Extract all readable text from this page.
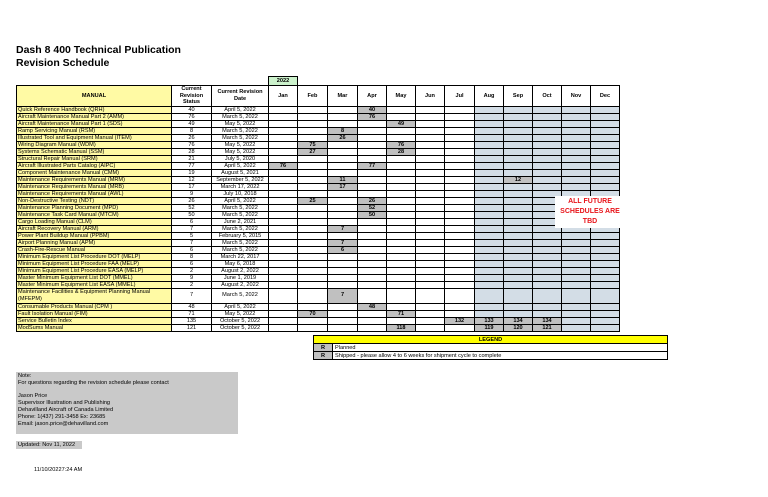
Dash 8 400 Technical Publication
Revision Schedule
			2022											
MANUAL	Current Revision Status	Current Revision Date	Jan	Feb	Mar	Apr	May	Jun	Jul	Aug	Sep	Oct	Nov	Dec
Quick Reference Handbook (QRH)	40	April 5, 2022				40								
Aircraft Maintenance Manual Part 2 (AMM)	76	March 5, 2022				76								
Aircraft Maintenance Manual Part 1 (SDS)	49	May 5, 2022					49							
Ramp Servicing Manual (RSM)	8	March 5, 2022			8									
Illustrated Tool and Equipment Manual (ITEM)	26	March 5, 2022			26									
Wiring Diagram Manual (WDM)	76	May 5, 2022		75			76							
Systems Schematic Manual (SSM)	28	May 5, 2022		27			28							
Structural Repair Manual (SRM)	21	July 5, 2020												
Aircraft Illustrated Parts Catalog (AIPC)	77	April 5, 2022	76			77								
Component Maintenance Manual (CMM)	19	August 5, 2021												
Maintenance Requirements Manual (MRM)	12	September 5, 2022			11						12			
Maintenance Requirements Manual (MRB)	17	March 17, 2022			17									
Maintenance Requirements Manual (AWL)	9	July 10, 2018												
Non-Destructive Testing (NDT)	26	April 5, 2022		25		26								
Maintenance Planning Document (MPD)	52	March 5, 2022				52								
Maintenance Task Card Manual (MTCM)	50	March 5, 2022				50								
Cargo Loading Manual (CLM)	6	June 2, 2021												
Aircraft Recovery Manual (ARM)	7	March 5, 2022			7									
Power Plant Buildup Manual (PPBM)	5	February 5, 2015												
Airport Planning Manual (APM)	7	March 5, 2022			7									
Crash-Fire-Rescue Manual	6	March 5, 2022			6									
Minimum Equipment List Procedure DOT (MELP)	8	March 22, 2017												
Minimum Equipment List Procedure FAA (MELP)	6	May 6, 2018												
Minimum Equipment List Procedure EASA (MELP)	2	August 2, 2022												
Master Minimum Equipment List DOT (MMEL)	9	June 1, 2019												
Master Minimum Equipment List EASA (MMEL)	2	August 2, 2022												
Maintenance Facilities & Equipment Planning Manual (MFEPM)	7	March 5, 2022			7									
Consumable Products Manual (CPM )	48	April 5, 2022				48								
Fault Isolation Manual (FIM)	71	May 5, 2022		70			71							
Service Bulletin Index	135	October 5, 2022							132	133	134	134		
ModSums Manual	121	October 5, 2022					118			119	120	121		
ALL FUTURE SCHEDULES ARE TBD
LEGEND	
R	Planned
R	Shipped - please allow 4 to 6 weeks for shipment cycle to complete
Note:
For questions regarding the revision schedule please contact
Jason Price
Supervisor Illustration and Publishing
Dehavilland Aircraft of Canada Limited
Phone: 1(437) 291-3458 Ex: 23685
Email: jason.price@dehavilland.com
Updated: Nov 11, 2022
11/10/20227:24 AM
